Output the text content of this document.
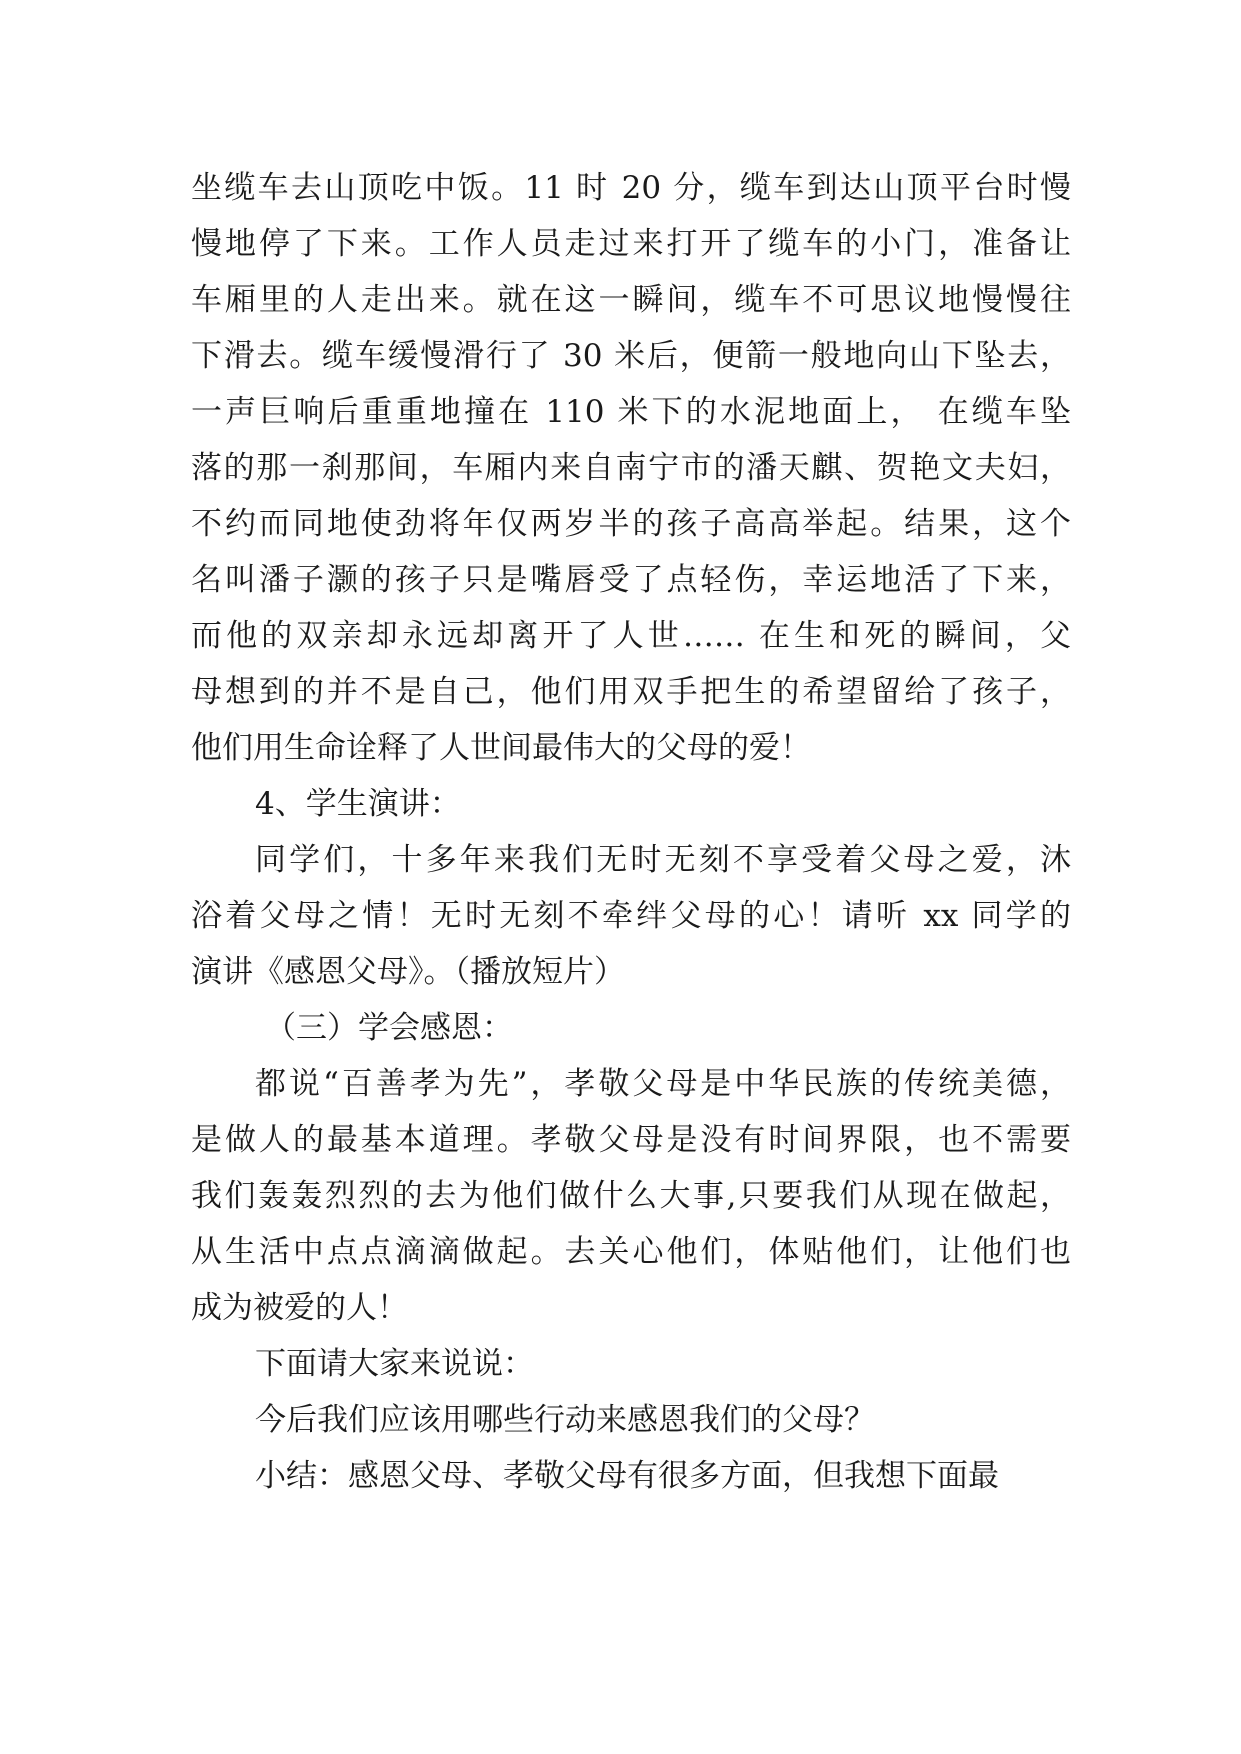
坐缆车去山顶吃中饭。11 时 20 分，缆车到达山顶平台时慢
慢地停了下来。工作人员走过来打开了缆车的小门，准备让
车厢里的人走出来。就在这一瞬间，缆车不可思议地慢慢往
下滑去。缆车缓慢滑行了 30 米后，便箭一般地向山下坠去，
一声巨响后重重地撞在 110 米下的水泥地面上， 在缆车坠
落的那一刹那间，车厢内来自南宁市的潘天麒、贺艳文夫妇，
不约而同地使劲将年仅两岁半的孩子高高举起。结果，这个
名叫潘子灏的孩子只是嘴唇受了点轻伤，幸运地活了下来，
而他的双亲却永远却离开了人世…… 在生和死的瞬间，父
母想到的并不是自己，他们用双手把生的希望留给了孩子，
他们用生命诠释了人世间最伟大的父母的爱！
4、学生演讲：
同学们，十多年来我们无时无刻不享受着父母之爱，沐
浴着父母之情！无时无刻不牵绊父母的心！请听 xx 同学的
演讲《感恩父母》。（播放短片）
（三）学会感恩：
都说“百善孝为先”，孝敬父母是中华民族的传统美德，
是做人的最基本道理。孝敬父母是没有时间界限，也不需要
我们轰轰烈烈的去为他们做什么大事,只要我们从现在做起，
从生活中点点滴滴做起。去关心他们，体贴他们，让他们也
成为被爱的人！
下面请大家来说说：
今后我们应该用哪些行动来感恩我们的父母？
小结：感恩父母、孝敬父母有很多方面，但我想下面最
